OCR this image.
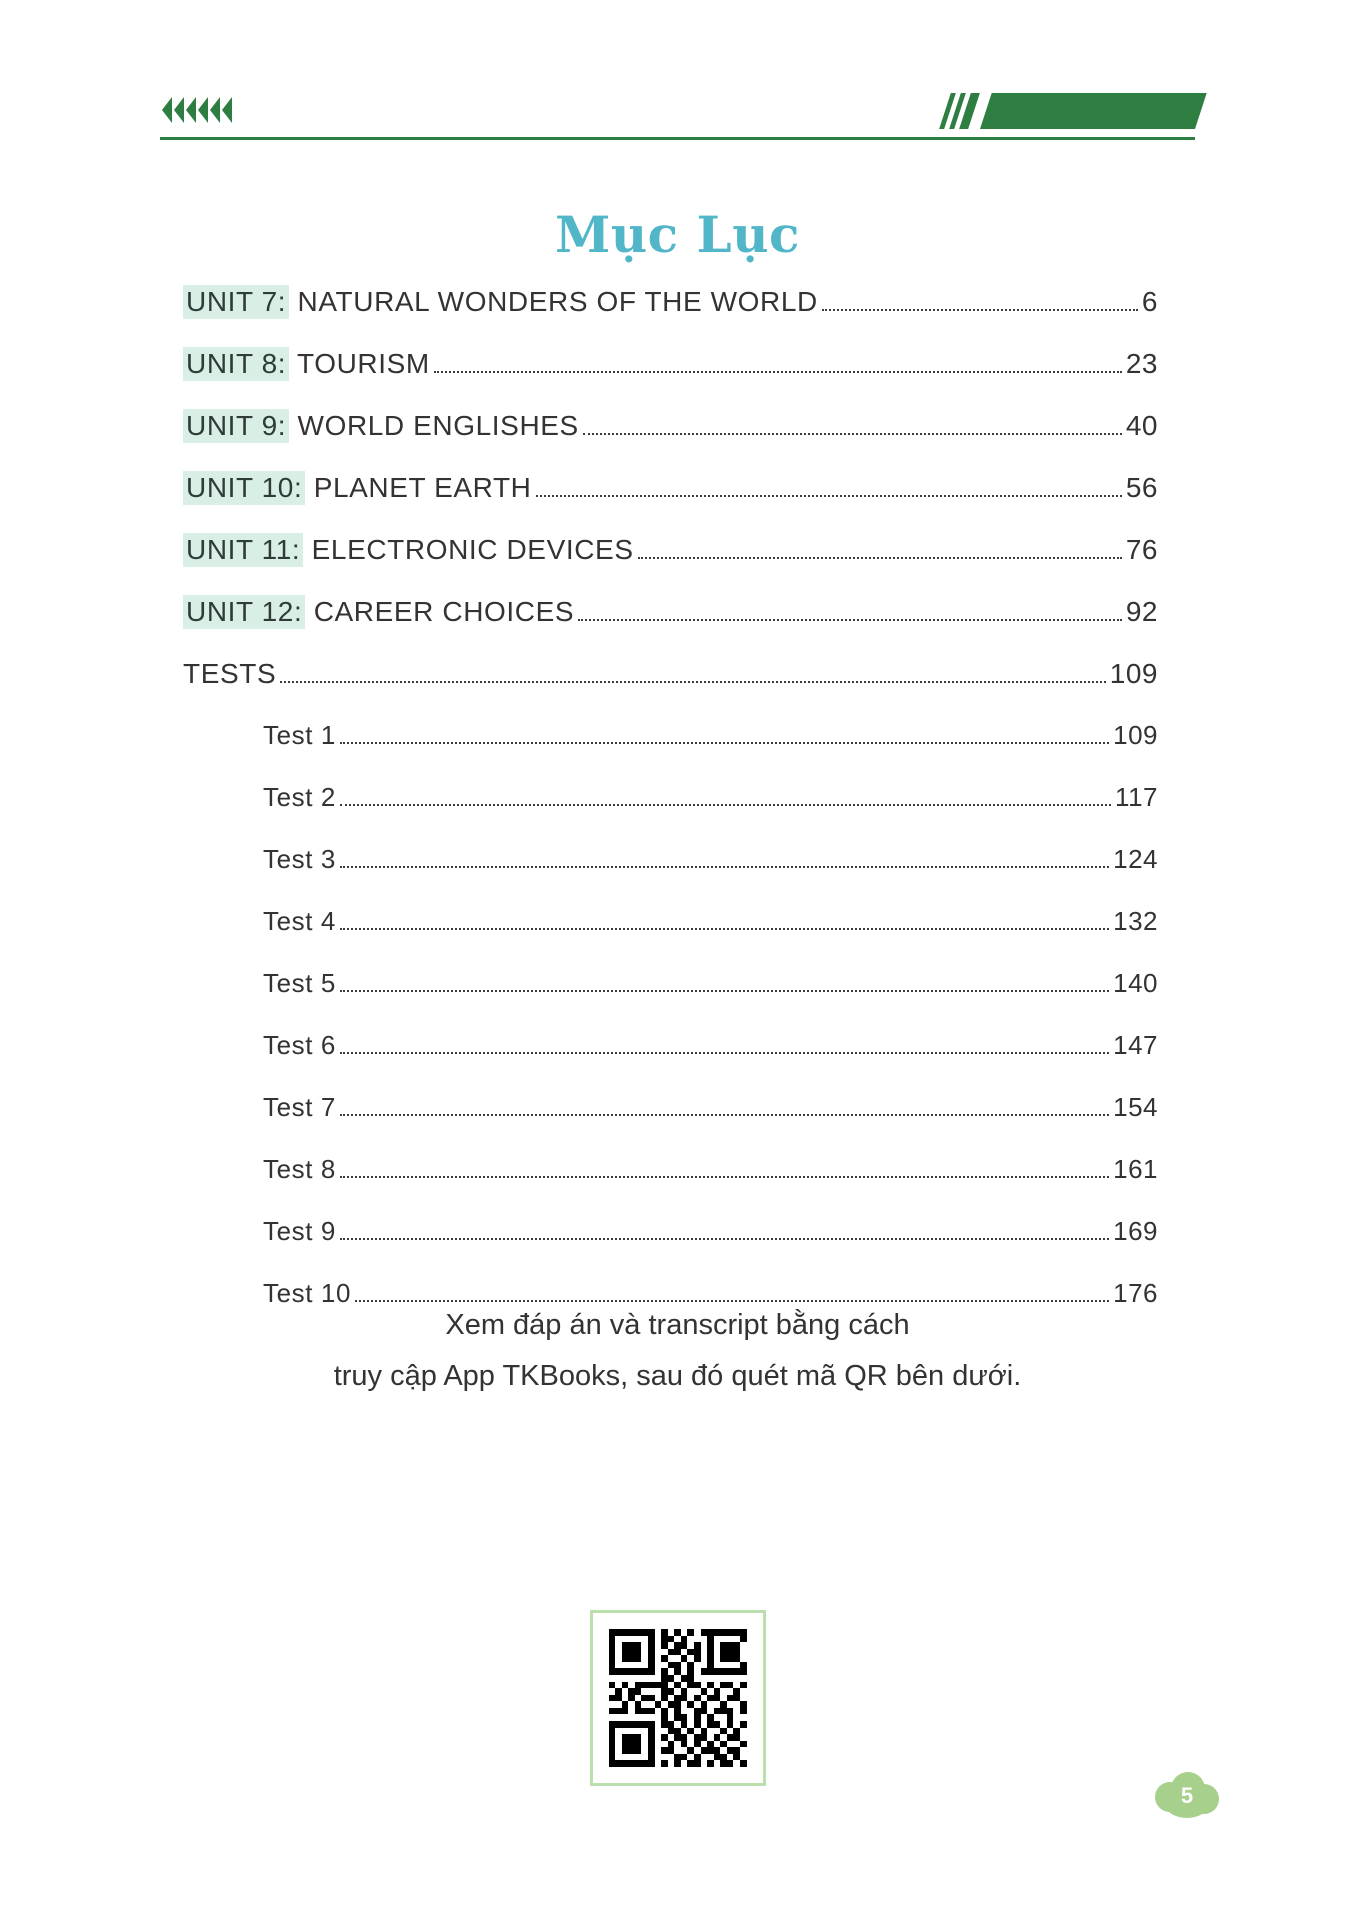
Mục Lục
UNIT 7: NATURAL WONDERS OF THE WORLD	6
UNIT 8: TOURISM	23
UNIT 9: WORLD ENGLISHES	40
UNIT 10: PLANET EARTH	56
UNIT 11: ELECTRONIC DEVICES	76
UNIT 12: CAREER CHOICES	92
TESTS	109
Test 1	109
Test 2	117
Test 3	124
Test 4	132
Test 5	140
Test 6	147
Test 7	154
Test 8	161
Test 9	169
Test 10	176
Xem đáp án và transcript bằng cách
truy cập App TKBooks, sau đó quét mã QR bên dưới.
5
